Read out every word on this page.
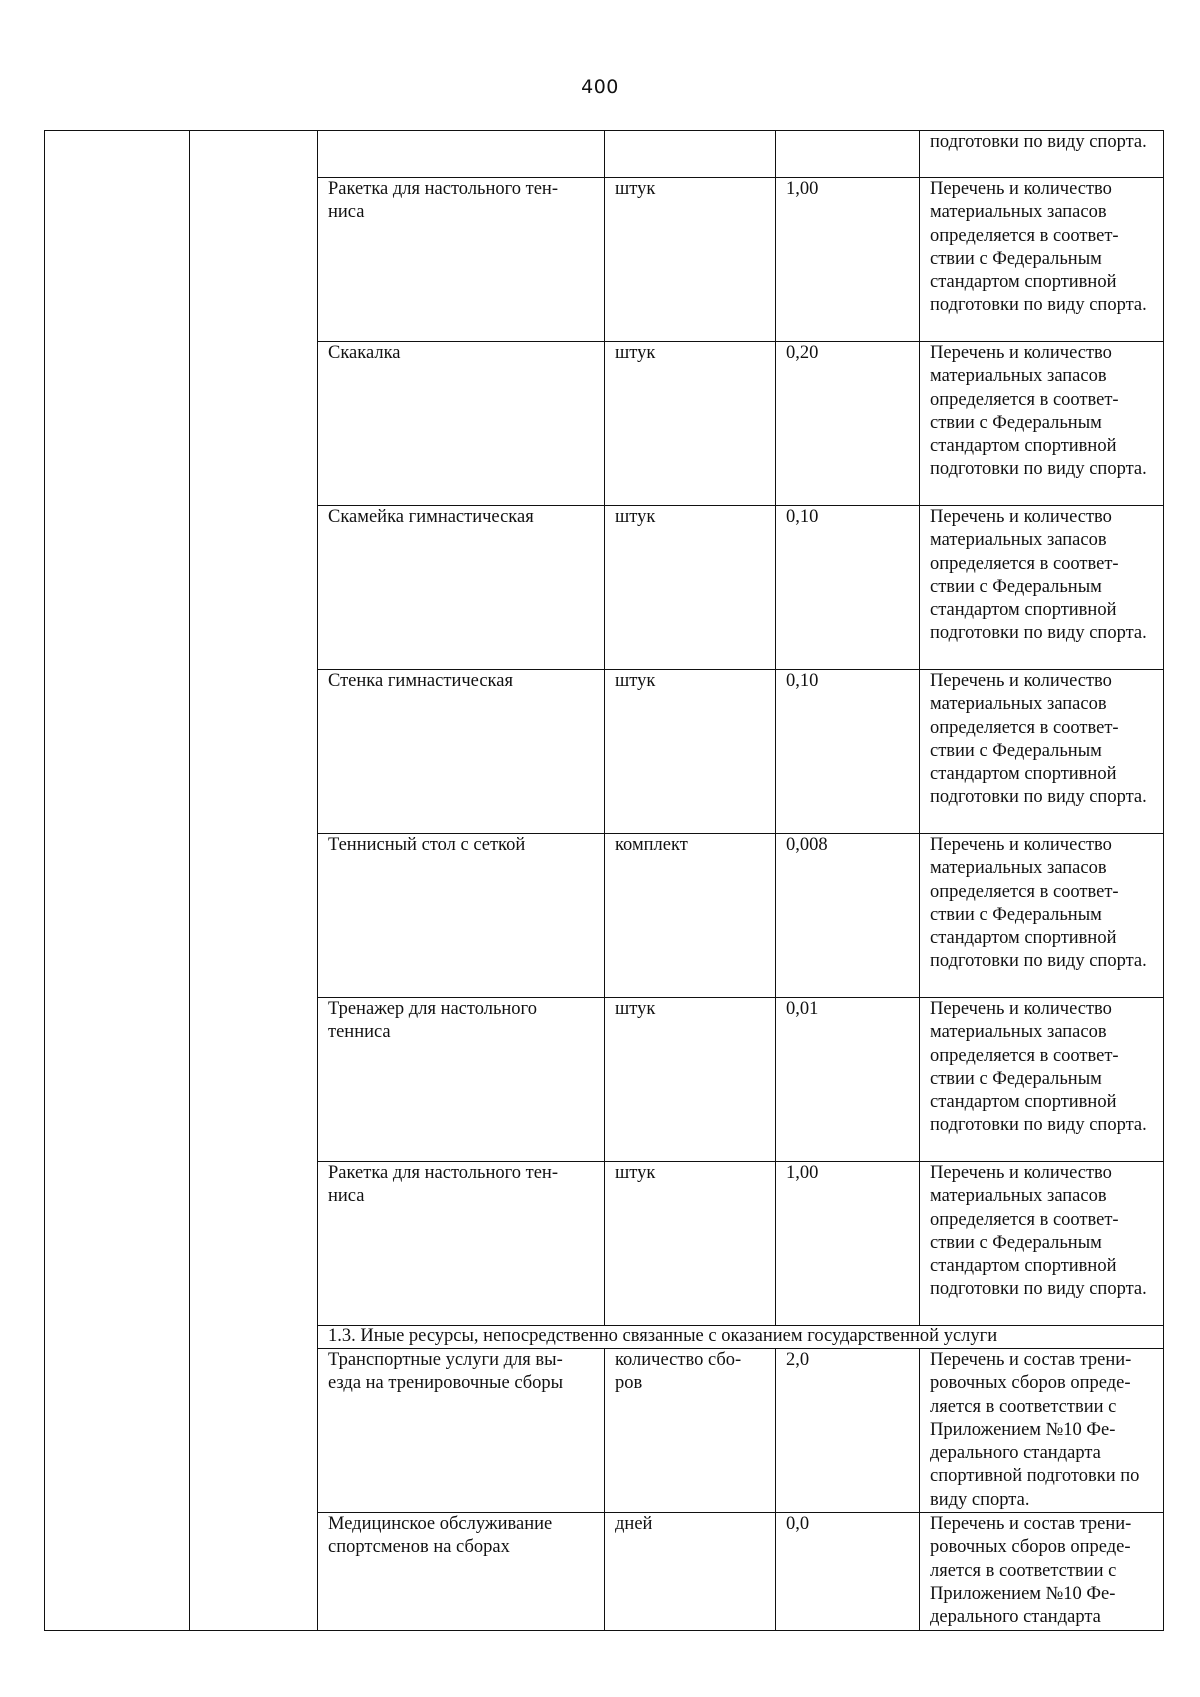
400
					подготовки по виду спорта.
		Ракетка для настольного тен-ниса	штук	1,00	Перечень и количество материальных запасов определяется в соответ-ствии с Федеральным стандартом спортивной подготовки по виду спорта.
		Скакалка	штук	0,20	Перечень и количество материальных запасов определяется в соответ-ствии с Федеральным стандартом спортивной подготовки по виду спорта.
		Скамейка гимнастическая	штук	0,10	Перечень и количество материальных запасов определяется в соответ-ствии с Федеральным стандартом спортивной подготовки по виду спорта.
		Стенка гимнастическая	штук	0,10	Перечень и количество материальных запасов определяется в соответ-ствии с Федеральным стандартом спортивной подготовки по виду спорта.
		Теннисный стол с сеткой	комплект	0,008	Перечень и количество материальных запасов определяется в соответ-ствии с Федеральным стандартом спортивной подготовки по виду спорта.
		Тренажер для настольного тенниса	штук	0,01	Перечень и количество материальных запасов определяется в соответ-ствии с Федеральным стандартом спортивной подготовки по виду спорта.
		Ракетка для настольного тен-ниса	штук	1,00	Перечень и количество материальных запасов определяется в соответ-ствии с Федеральным стандартом спортивной подготовки по виду спорта.
		1.3. Иные ресурсы, непосредственно связанные с оказанием государственной услуги			
		Транспортные услуги для вы-езда на тренировочные сборы	количество сбо-ров	2,0	Перечень и состав трени-ровочных сборов опреде-ляется в соответствии с Приложением №10 Фе-дерального стандарта спортивной подготовки по виду спорта.
		Медицинское обслуживание спортсменов на сборах	дней	0,0	Перечень и состав трени-ровочных сборов опреде-ляется в соответствии с Приложением №10 Фе-дерального стандарта
